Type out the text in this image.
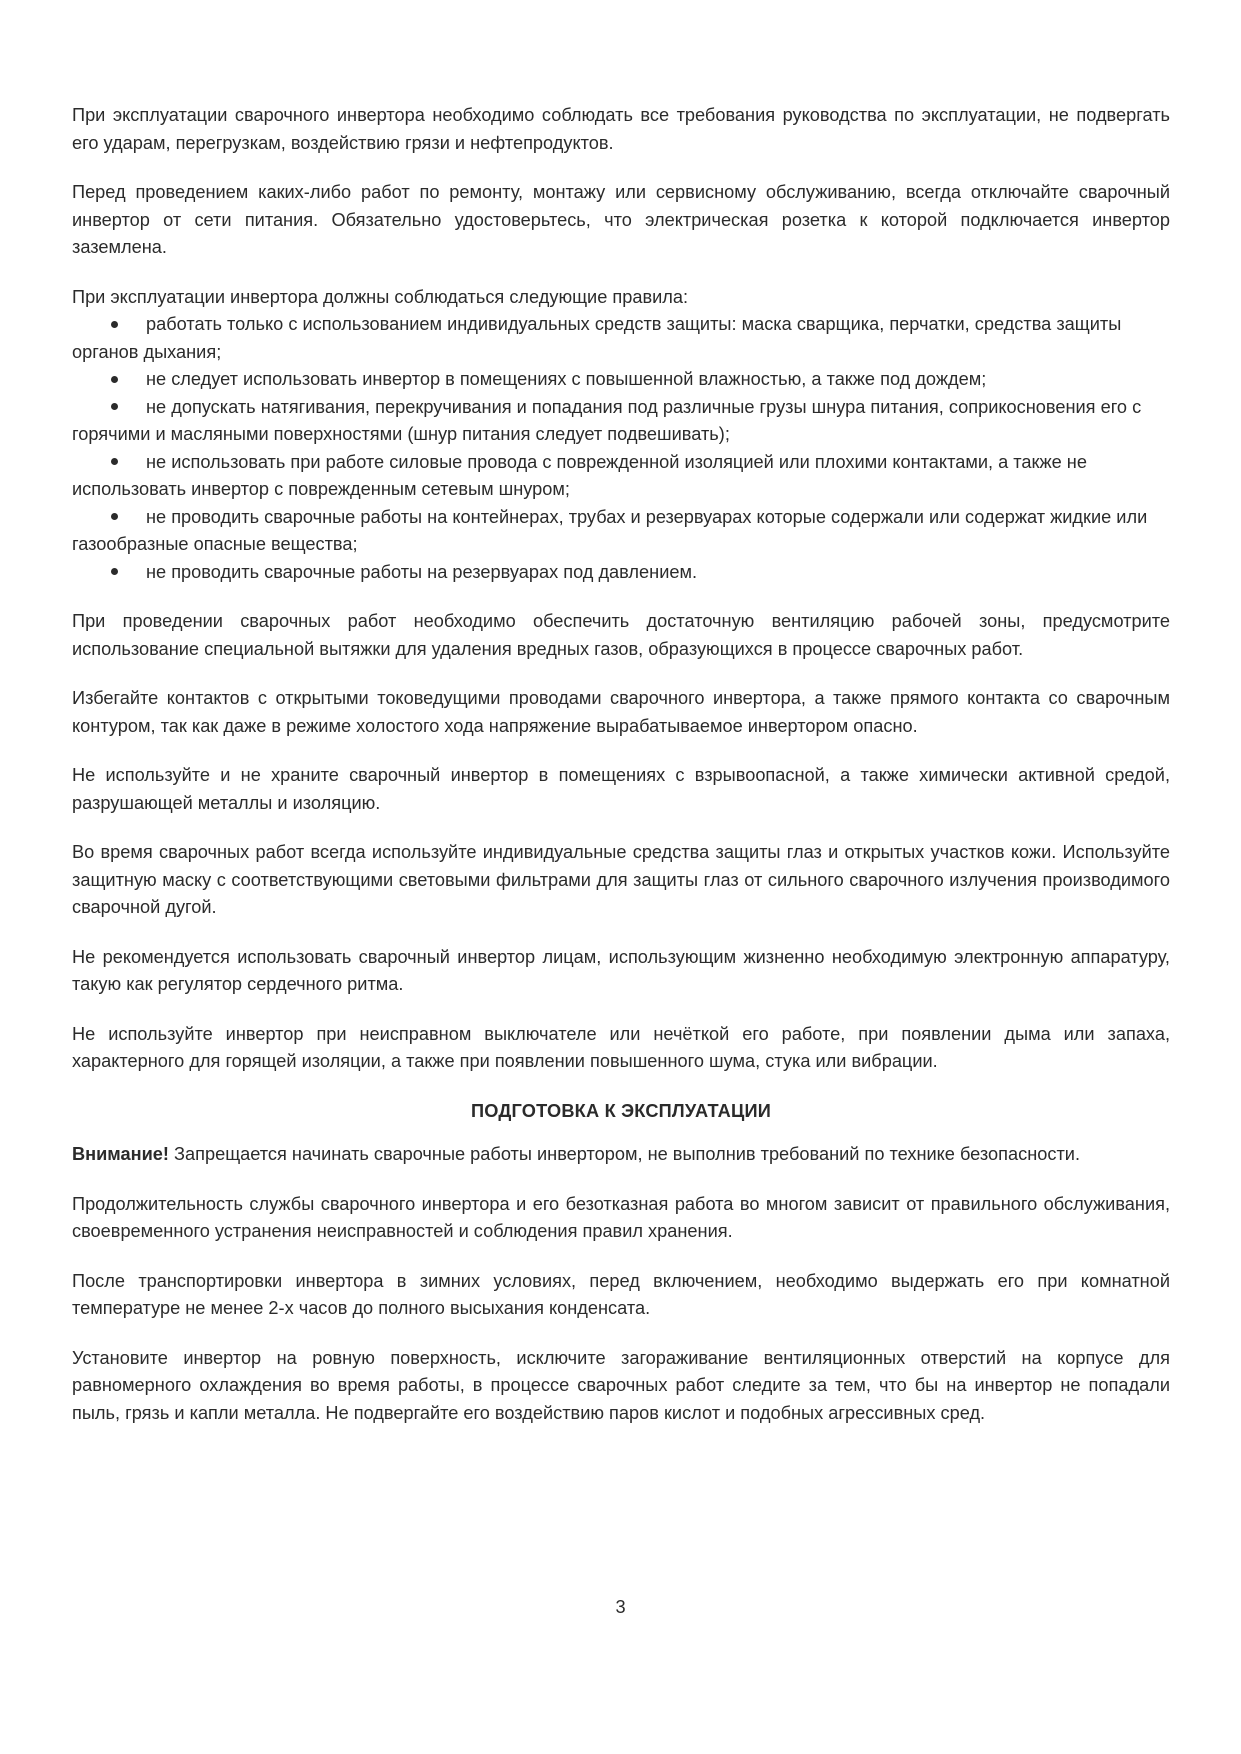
При эксплуатации сварочного инвертора необходимо соблюдать все требования руководства по эксплуатации, не подвергать его ударам, перегрузкам, воздействию грязи и нефтепродуктов.

Перед проведением каких-либо работ по ремонту, монтажу или сервисному обслуживанию, всегда отключайте сварочный инвертор от сети питания. Обязательно удостоверьтесь, что электрическая розетка к которой подключается инвертор заземлена.

При эксплуатации инвертора должны соблюдаться следующие правила:

работать только с использованием индивидуальных средств защиты: маска сварщика, перчатки, средства защиты органов дыхания;
не следует использовать инвертор в помещениях с повышенной влажностью, а также под дождем;
не допускать натягивания, перекручивания и попадания под различные грузы шнура питания, соприкосновения его с горячими и масляными поверхностями (шнур питания следует подвешивать);
не использовать при работе силовые провода с поврежденной изоляцией или плохими контактами, а также не использовать инвертор с поврежденным сетевым шнуром;
не проводить сварочные работы на контейнерах, трубах и резервуарах которые содержали или содержат жидкие или газообразные опасные вещества;
не проводить сварочные работы на резервуарах под давлением.

При проведении сварочных работ необходимо обеспечить достаточную вентиляцию рабочей зоны, предусмотрите использование специальной вытяжки для удаления вредных газов, образующихся в процессе сварочных работ.

Избегайте контактов с открытыми токоведущими проводами сварочного инвертора, а также прямого контакта со сварочным контуром, так как даже в режиме холостого хода напряжение вырабатываемое инвертором опасно.

Не используйте и не храните сварочный инвертор в помещениях с взрывоопасной, а также химически активной средой, разрушающей металлы и изоляцию.

Во время сварочных работ всегда используйте индивидуальные средства защиты глаз и открытых участков кожи. Используйте защитную маску с соответствующими световыми фильтрами для защиты глаз от сильного сварочного излучения производимого сварочной дугой.

Не рекомендуется использовать сварочный инвертор лицам, использующим жизненно необходимую электронную аппаратуру, такую как регулятор сердечного ритма.

Не используйте инвертор при неисправном выключателе или нечёткой его работе, при появлении дыма или запаха, характерного для горящей изоляции, а также при появлении повышенного шума, стука или вибрации.

ПОДГОТОВКА К ЭКСПЛУАТАЦИИ

Внимание! Запрещается начинать сварочные работы инвертором, не выполнив требований по технике безопасности.

Продолжительность службы сварочного инвертора и его безотказная работа во многом зависит от правильного обслуживания, своевременного устранения неисправностей и соблюдения правил хранения.

После транспортировки инвертора в зимних условиях, перед включением, необходимо выдержать его при комнатной температуре не менее 2-х часов до полного высыхания конденсата.

Установите инвертор на ровную поверхность, исключите загораживание вентиляционных отверстий на корпусе для равномерного охлаждения во время работы, в процессе сварочных работ следите за тем, что бы на инвертор не попадали пыль, грязь и капли металла. Не подвергайте его воздействию паров кислот и подобных агрессивных сред.

3
